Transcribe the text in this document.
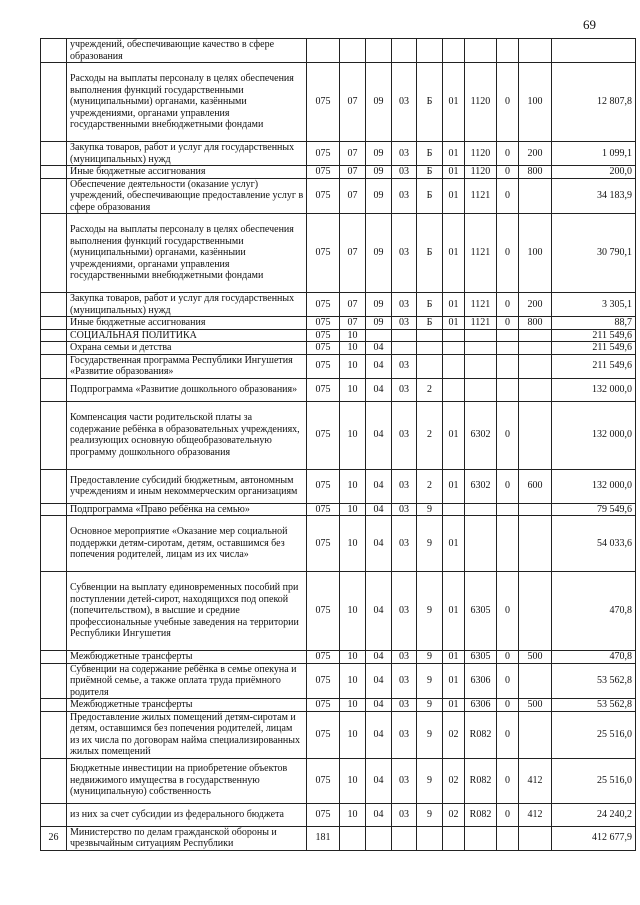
69
	учреждений, обеспечивающие качество в сфере образования										
	Расходы на выплаты персоналу в целях обеспечения выполнения функций государственными (муниципальными) органами, казёнными учреждениями, органами управления государственными внебюджетными фондами	075	07	09	03	Б	01	1120	0	100	12 807,8
	Закупка товаров, работ и услуг для государственных (муниципальных) нужд	075	07	09	03	Б	01	1120	0	200	1 099,1
	Иные бюджетные ассигнования	075	07	09	03	Б	01	1120	0	800	200,0
	Обеспечение деятельности (оказание услуг) учреждений, обеспечивающие предоставление услуг в сфере образования	075	07	09	03	Б	01	1121	0		34 183,9
	Расходы на выплаты персоналу в целях обеспечения выполнения функций государственными (муниципальными) органами, казённыии учреждениями, органами управления государственными внебюджетными фондами	075	07	09	03	Б	01	1121	0	100	30 790,1
	Закупка товаров, работ и услуг для государственных (муниципальных) нужд	075	07	09	03	Б	01	1121	0	200	3 305,1
	Иные бюджетные ассигнования	075	07	09	03	Б	01	1121	0	800	88,7
	СОЦИАЛЬНАЯ ПОЛИТИКА	075	10								211 549,6
	Охрана семьи и детства	075	10	04							211 549,6
	Государственная программа Республики Ингушетия «Развитие образования»	075	10	04	03						211 549,6
	Подпрограмма «Развитие дошкольного образования»	075	10	04	03	2					132 000,0
	Компенсация части родительской платы за содержание ребёнка в образовательных учреждениях, реализующих основную общеобразовательную программу дошкольного образования	075	10	04	03	2	01	6302	0		132 000,0
	Предоставление субсидий бюджетным, автономным учреждениям и иным некоммерческим организациям	075	10	04	03	2	01	6302	0	600	132 000,0
	Подпрограмма «Право ребёнка на семью»	075	10	04	03	9					79 549,6
	Основное мероприятие «Оказание мер социальной поддержки детям-сиротам, детям, оставшимся без попечения родителей, лицам из их числа»	075	10	04	03	9	01				54 033,6
	Субвенции на выплату единовременных пособий при поступлении детей-сирот, находящихся под опекой (попечительством), в высшие и средние профессиональные учебные заведения на территории Республики Ингушетия	075	10	04	03	9	01	6305	0		470,8
	Межбюджетные трансферты	075	10	04	03	9	01	6305	0	500	470,8
	Субвенции на содержание ребёнка в семье опекуна и приёмной семье, а также оплата труда приёмного родителя	075	10	04	03	9	01	6306	0		53 562,8
	Межбюджетные трансферты	075	10	04	03	9	01	6306	0	500	53 562,8
	Предоставление жилых помещений детям-сиротам и детям, оставшимся без попечения родителей, лицам из их числа по договорам найма специализированных жилых помещений	075	10	04	03	9	02	R082	0		25 516,0
	Бюджетные инвестиции на приобретение объектов недвижимого имущества в государственную (муниципальную) собственность	075	10	04	03	9	02	R082	0	412	25 516,0
	из них за счет субсидии из федерального бюджета	075	10	04	03	9	02	R082	0	412	24 240,2
26	Министерство по делам гражданской обороны и чрезвычайным ситуациям Республики	181									412 677,9
